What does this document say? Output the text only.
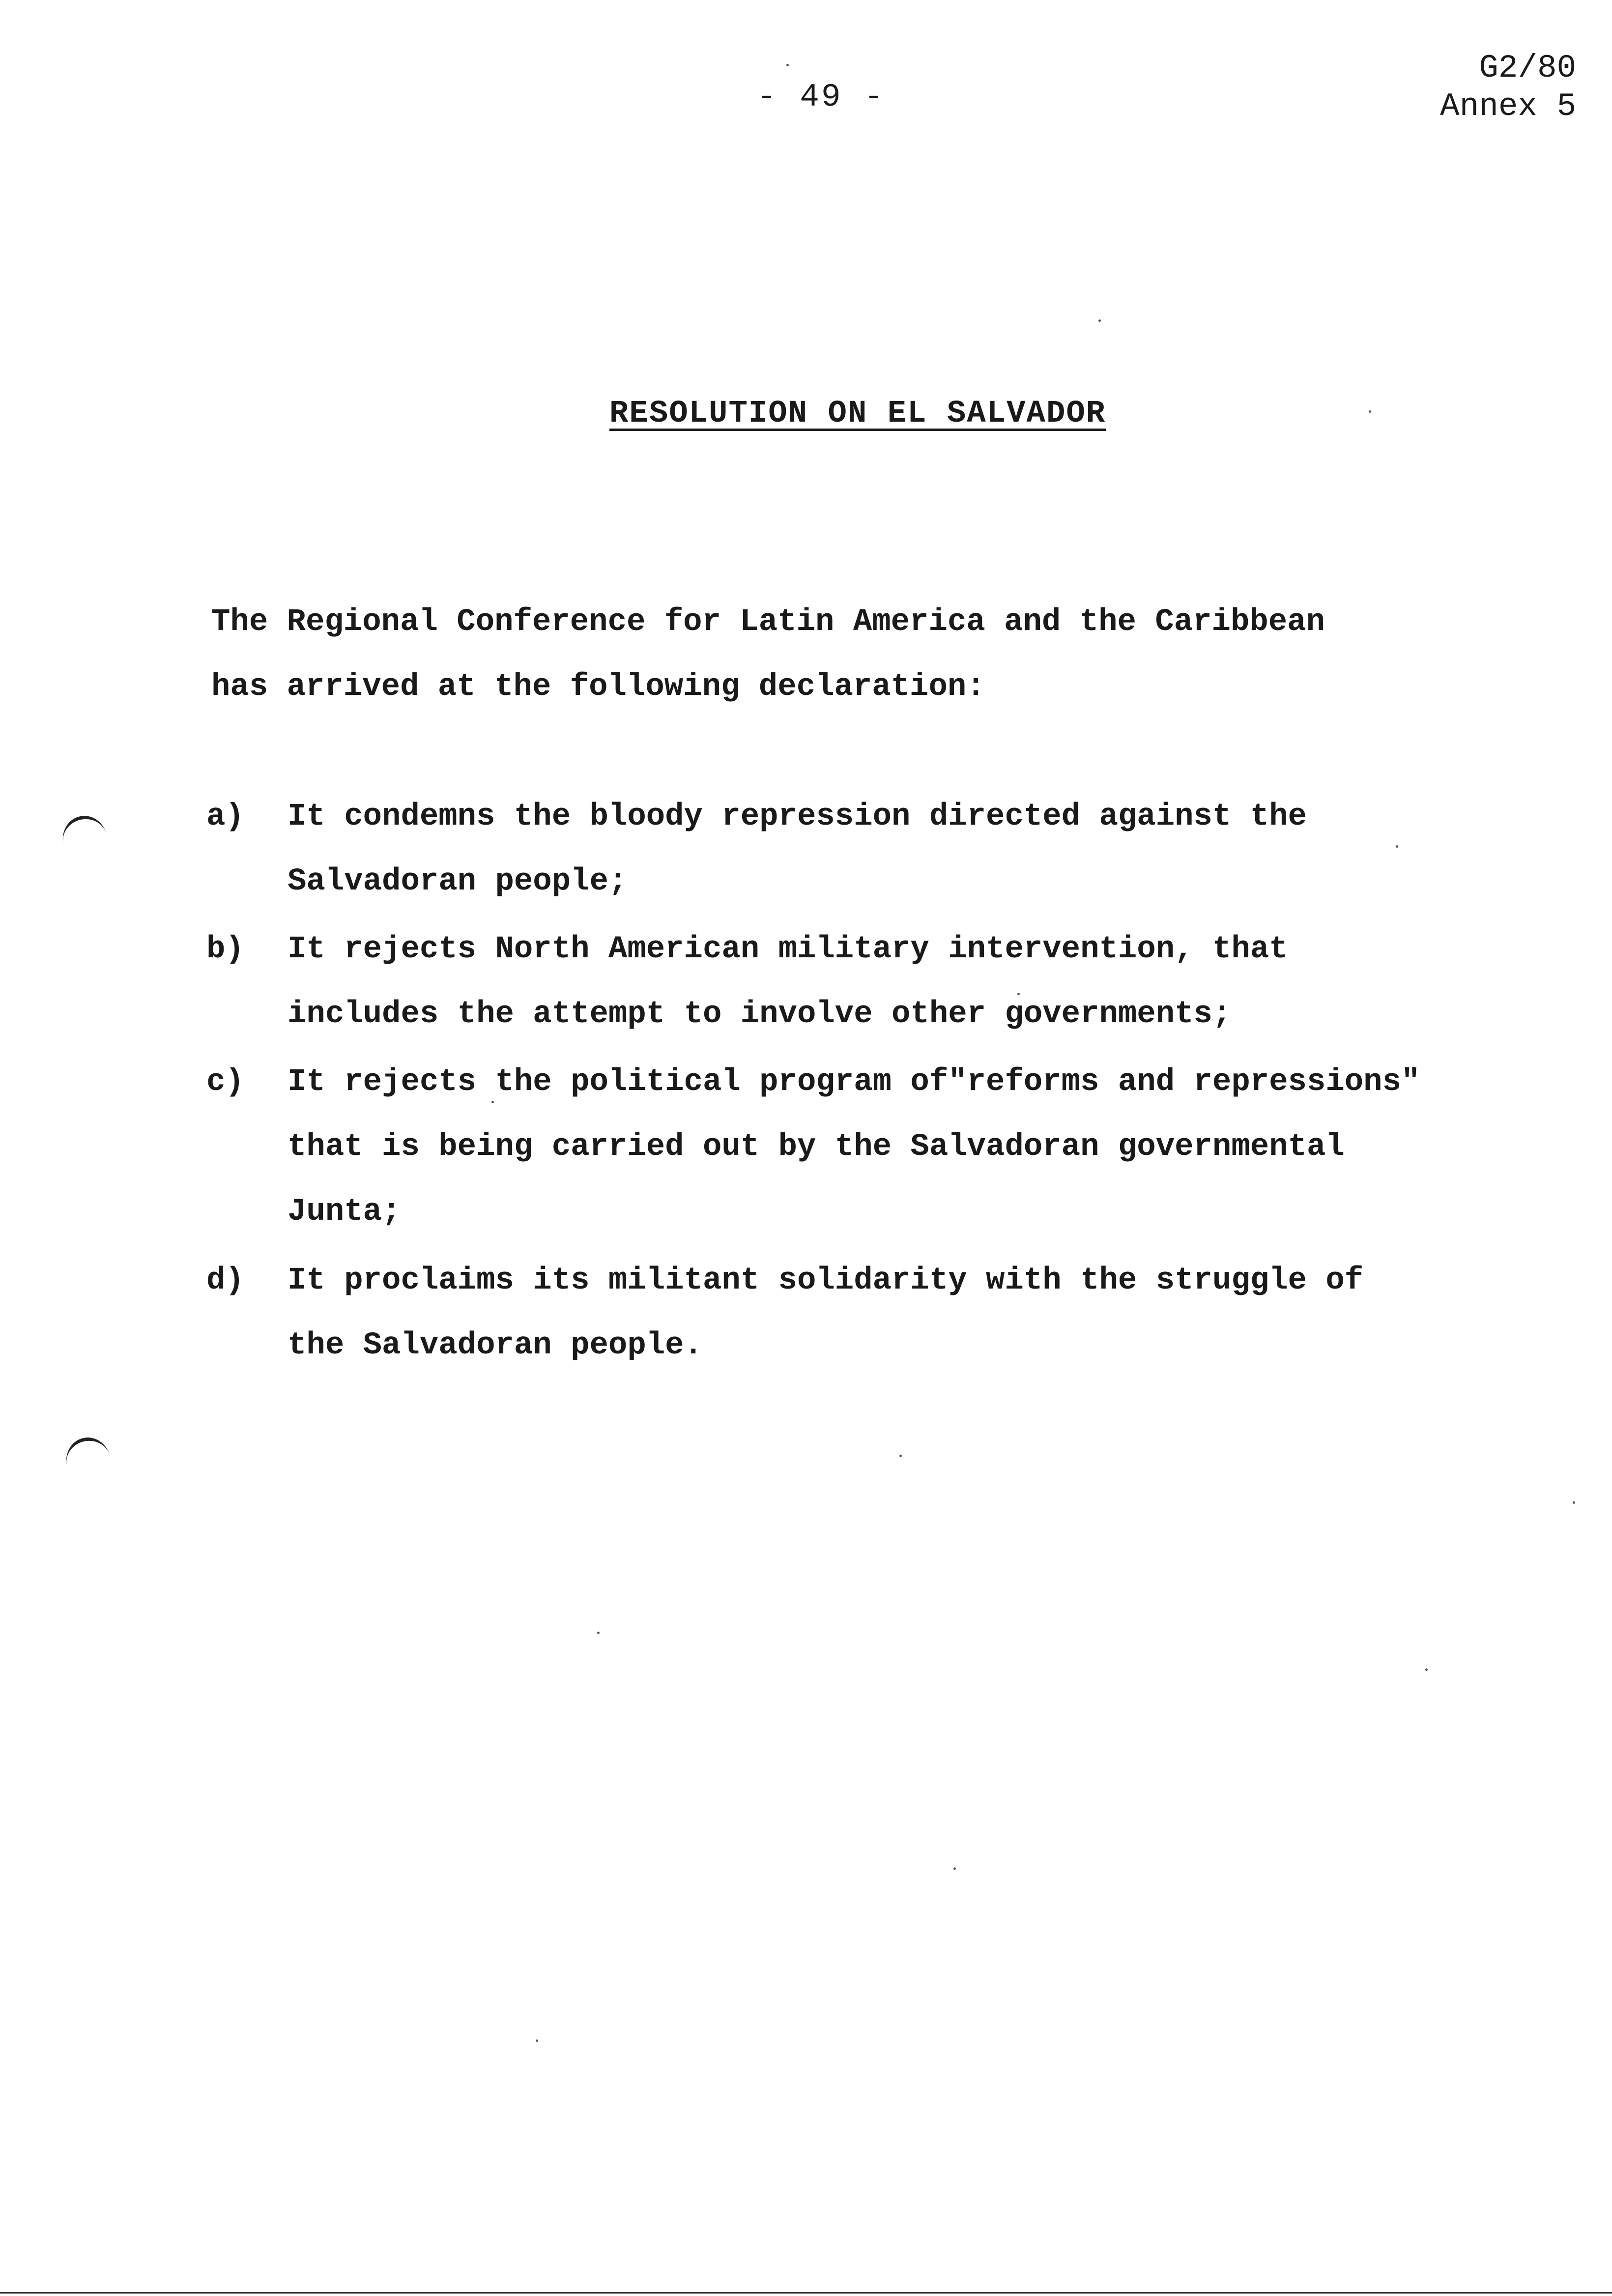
- 49 -
G2/80
Annex 5
RESOLUTION ON EL SALVADOR
The Regional Conference for Latin America and the Caribbean
has arrived at the following declaration:
a) It condemns the bloody repression directed against the
Salvadoran people;
b) It rejects North American military intervention, that
includes the attempt to involve other governments;
c) It rejects the political program of"reforms and repressions"
that is being carried out by the Salvadoran governmental
Junta;
d) It proclaims its militant solidarity with the struggle of
the Salvadoran people.
